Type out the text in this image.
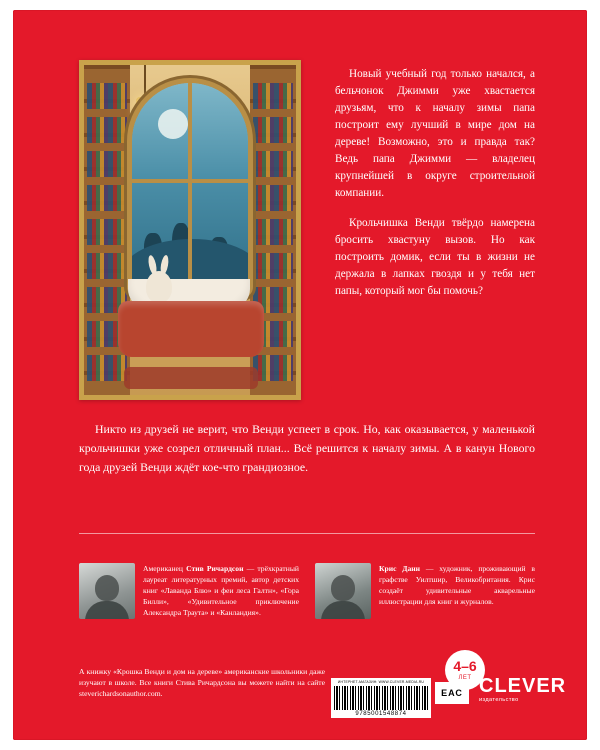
Новый учебный год только начался, а бельчонок Джимми уже хвастается друзьям, что к началу зимы папа построит ему лучший в мире дом на дереве! Возможно, это и правда так? Ведь папа Джимми — владелец крупнейшей в округе строительной компании.

Крольчишка Венди твёрдо намерена бросить хвастуну вызов. Но как построить домик, если ты в жизни не держала в лапках гвоздя и у тебя нет папы, который мог бы помочь?

Никто из друзей не верит, что Венди успеет в срок. Но, как оказывается, у маленькой крольчишки уже созрел отличный план... Всё решится к началу зимы. А в канун Нового года друзей Венди ждёт кое-что грандиозное.

Американец Стив Ричардсон — трёхкратный лауреат литературных премий, автор детских книг «Лаванда Блю» и феи леса Галтн», «Гора Билли», «Удивительное приключение Александра Траута» и «Канландия».
Крис Данн — художник, проживающий в графстве Уилтшир, Великобритания. Крис создаёт удивительные акварельные иллюстрации для книг и журналов.
А книжку «Крошка Венди и дом на дереве» американские школьники даже изучают в школе. Все книги Стива Ричардсона вы можете найти на сайте steverichardsonauthor.com.
ИНТЕРНЕТ-МАГАЗИН: WWW.CLEVER-MEDIA.RU
9785001548874
ЕАС
4–6
ЛЕТ CLEVER
издательство
